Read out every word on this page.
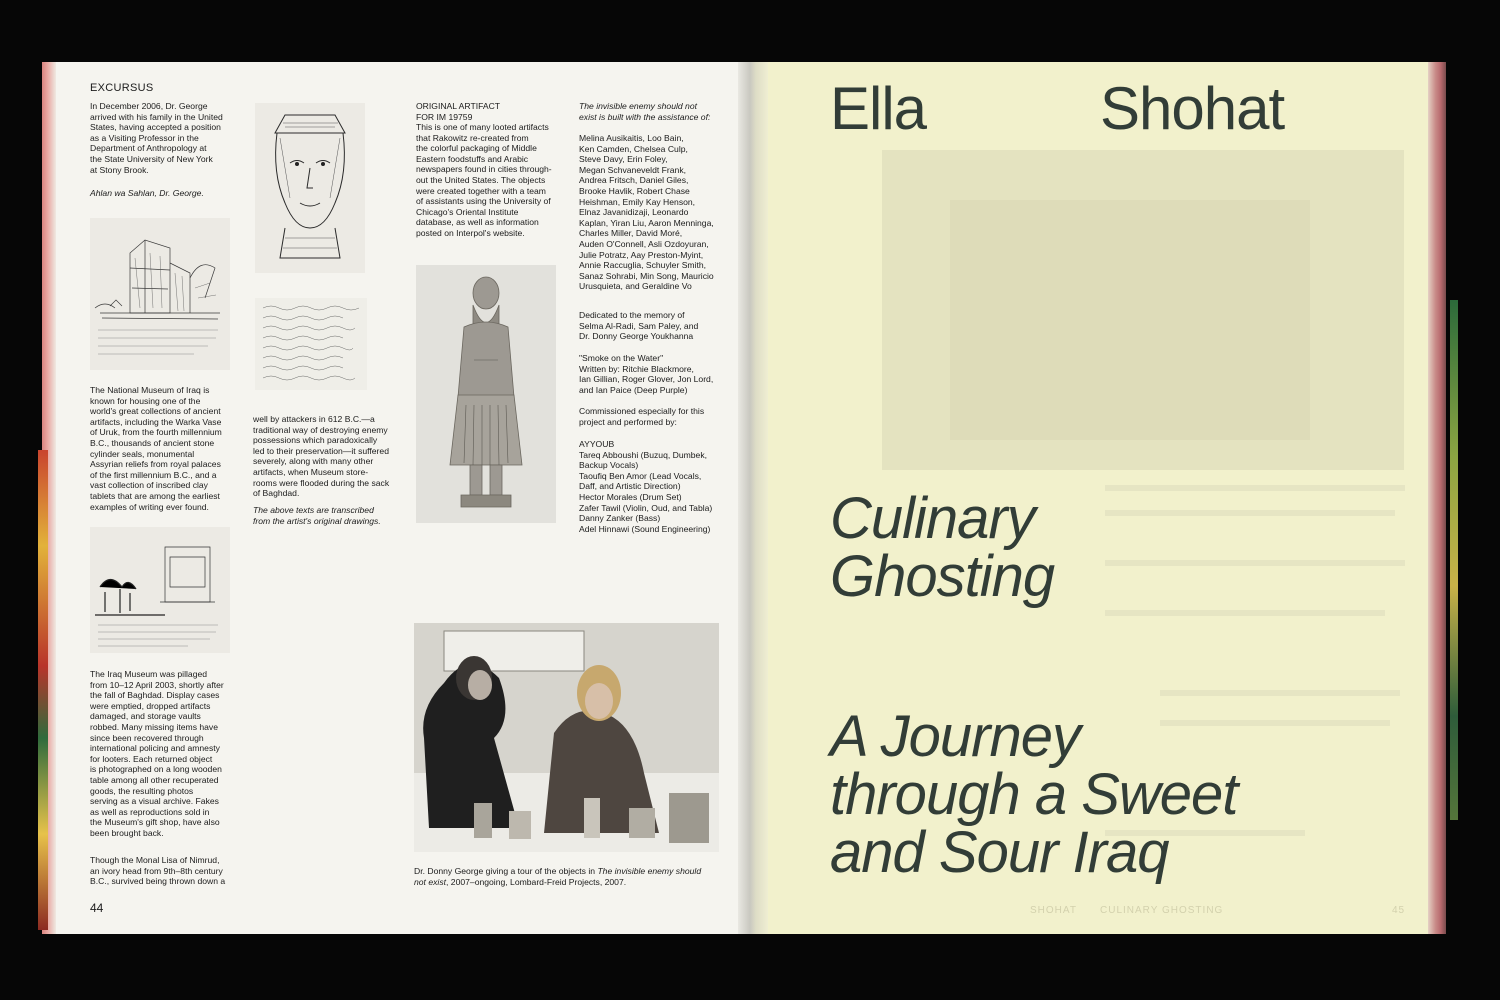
EXCURSUS
In December 2006, Dr. George
arrived with his family in the United
States, having accepted a position
as a Visiting Professor in the
Department of Anthropology at
the State University of New York
at Stony Brook.
Ahlan wa Sahlan, Dr. George.
The National Museum of Iraq is
known for housing one of the
world's great collections of ancient
artifacts, including the Warka Vase
of Uruk, from the fourth millennium
B.C., thousands of ancient stone
cylinder seals, monumental
Assyrian reliefs from royal palaces
of the first millennium B.C., and a
vast collection of inscribed clay
tablets that are among the earliest
examples of writing ever found.
The Iraq Museum was pillaged
from 10–12 April 2003, shortly after
the fall of Baghdad. Display cases
were emptied, dropped artifacts
damaged, and storage vaults
robbed. Many missing items have
since been recovered through
international policing and amnesty
for looters. Each returned object
is photographed on a long wooden
table among all other recuperated
goods, the resulting photos
serving as a visual archive. Fakes
as well as reproductions sold in
the Museum's gift shop, have also
been brought back.
Though the Monal Lisa of Nimrud,
an ivory head from 9th–8th century
B.C., survived being thrown down a
well by attackers in 612 B.C.—a
traditional way of destroying enemy
possessions which paradoxically
led to their preservation—it suffered
severely, along with many other
artifacts, when Museum store-
rooms were flooded during the sack
of Baghdad.
The above texts are transcribed
from the artist's original drawings.
ORIGINAL ARTIFACT
FOR IM 19759
This is one of many looted artifacts
that Rakowitz re-created from
the colorful packaging of Middle
Eastern foodstuffs and Arabic
newspapers found in cities through-
out the United States. The objects
were created together with a team
of assistants using the University of
Chicago's Oriental Institute
database, as well as information
posted on Interpol's website.
The invisible enemy should not
exist is built with the assistance of:
Melina Ausikaitis, Loo Bain,
Ken Camden, Chelsea Culp,
Steve Davy, Erin Foley,
Megan Schvaneveldt Frank,
Andrea Fritsch, Daniel Giles,
Brooke Havlik, Robert Chase
Heishman, Emily Kay Henson,
Elnaz Javanidizaji, Leonardo
Kaplan, Yiran Liu, Aaron Menninga,
Charles Miller, David Moré,
Auden O'Connell, Asli Ozdoyuran,
Julie Potratz, Aay Preston-Myint,
Annie Raccuglia, Schuyler Smith,
Sanaz Sohrabi, Min Song, Mauricio
Urusquieta, and Geraldine Vo
Dedicated to the memory of
Selma Al-Radi, Sam Paley, and
Dr. Donny George Youkhanna
"Smoke on the Water"
Written by: Ritchie Blackmore,
Ian Gillian, Roger Glover, Jon Lord,
and Ian Paice (Deep Purple)
Commissioned especially for this
project and performed by:
AYYOUB
Tareq Abboushi (Buzuq, Dumbek,
Backup Vocals)
Taoufiq Ben Amor (Lead Vocals,
Daff, and Artistic Direction)
Hector Morales (Drum Set)
Zafer Tawil (Violin, Oud, and Tabla)
Danny Zanker (Bass)
Adel Hinnawi (Sound Engineering)
Dr. Donny George giving a tour of the objects in The invisible enemy should
not exist, 2007–ongoing, Lombard-Freid Projects, 2007.
44
Ella	Shohat
Culinary
Ghosting
A Journey
through a Sweet
and Sour Iraq
SHOHAT CULINARY GHOSTING	45
